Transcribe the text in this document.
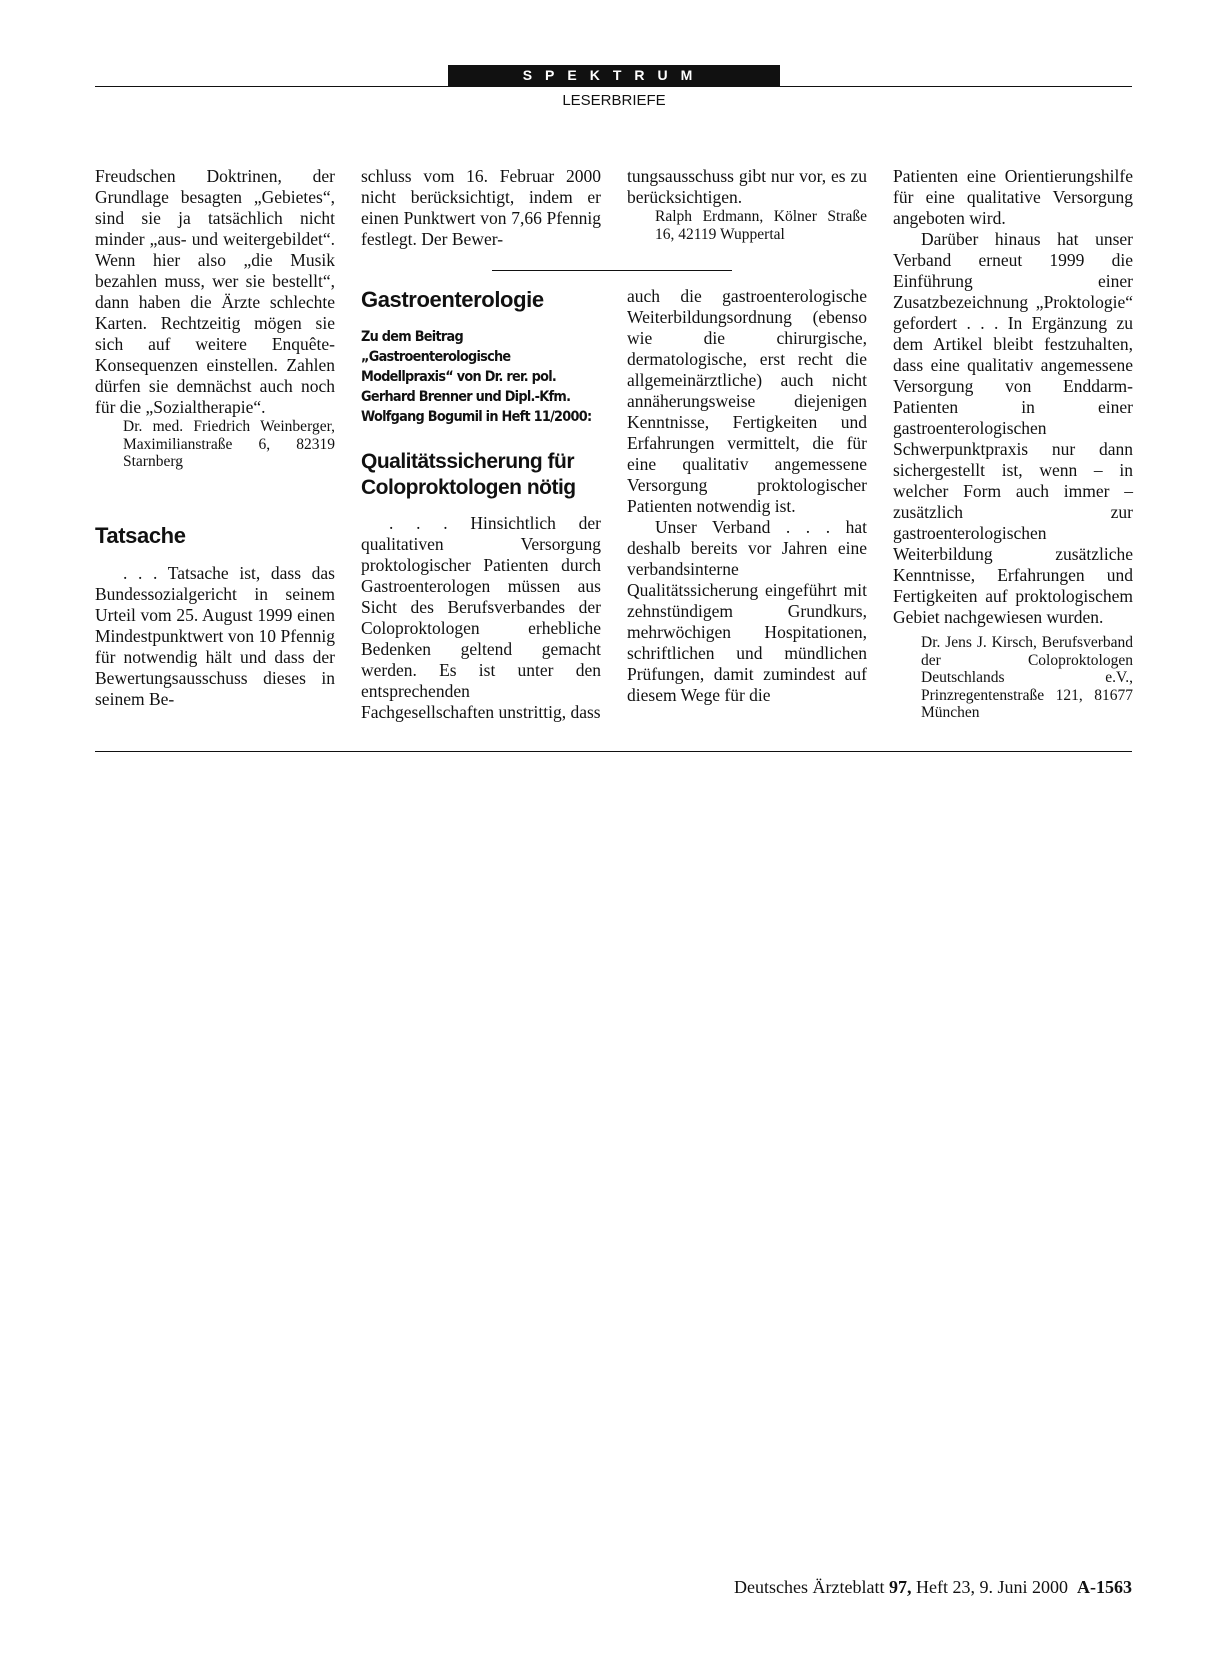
SPEKTRUM
LESERBRIEFE

Freudschen Doktrinen, der Grundlage besagten „Gebietes“, sind sie ja tatsächlich nicht minder „aus- und weitergebildet“. Wenn hier also „die Musik bezahlen muss, wer sie bestellt“, dann haben die Ärzte schlechte Karten. Rechtzeitig mögen sie sich auf weitere Enquête-Konsequenzen einstellen. Zahlen dürfen sie demnächst auch noch für die „Sozialtherapie“.

Dr. med. Friedrich Weinberger, Maximilianstraße 6, 82319 Starnberg

Tatsache

. . . Tatsache ist, dass das Bundessozialgericht in seinem Urteil vom 25. August 1999 einen Mindestpunktwert von 10 Pfennig für notwendig hält und dass der Bewertungsausschuss dieses in seinem Be-

schluss vom 16. Februar 2000 nicht berücksichtigt, indem er einen Punktwert von 7,66 Pfennig festlegt. Der Bewer-

Gastroenterologie

Zu dem Beitrag „Gastroenterologische Modellpraxis“ von Dr. rer. pol. Gerhard Brenner und Dipl.-Kfm. Wolfgang Bogumil in Heft 11/2000:

Qualitätssicherung für Coloproktologen nötig

. . . Hinsichtlich der qualitativen Versorgung proktologischer Patienten durch Gastroenterologen müssen aus Sicht des Berufsverbandes der Coloproktologen erhebliche Bedenken geltend gemacht werden. Es ist unter den entsprechenden Fachgesellschaften unstrittig, dass

tungsausschuss gibt nur vor, es zu berücksichtigen.

Ralph Erdmann, Kölner Straße 16, 42119 Wuppertal

auch die gastroenterologische Weiterbildungsordnung (ebenso wie die chirurgische, dermatologische, erst recht die allgemeinärztliche) auch nicht annäherungsweise diejenigen Kenntnisse, Fertigkeiten und Erfahrungen vermittelt, die für eine qualitativ angemessene Versorgung proktologischer Patienten notwendig ist.

Unser Verband . . . hat deshalb bereits vor Jahren eine verbandsinterne Qualitätssicherung eingeführt mit zehnstündigem Grundkurs, mehrwöchigen Hospitationen, schriftlichen und mündlichen Prüfungen, damit zumindest auf diesem Wege für die

Patienten eine Orientierungshilfe für eine qualitative Versorgung angeboten wird.

Darüber hinaus hat unser Verband erneut 1999 die Einführung einer Zusatzbezeichnung „Proktologie“ gefordert . . . In Ergänzung zu dem Artikel bleibt festzuhalten, dass eine qualitativ angemessene Versorgung von Enddarm-Patienten in einer gastroenterologischen Schwerpunktpraxis nur dann sichergestellt ist, wenn – in welcher Form auch immer – zusätzlich zur gastroenterologischen Weiterbildung zusätzliche Kenntnisse, Erfahrungen und Fertigkeiten auf proktologischem Gebiet nachgewiesen wurden.

Dr. Jens J. Kirsch, Berufsverband der Coloproktologen Deutschlands e.V., Prinzregentenstraße 121, 81677 München

Deutsches Ärzteblatt 97, Heft 23, 9. Juni 2000 A-1563
